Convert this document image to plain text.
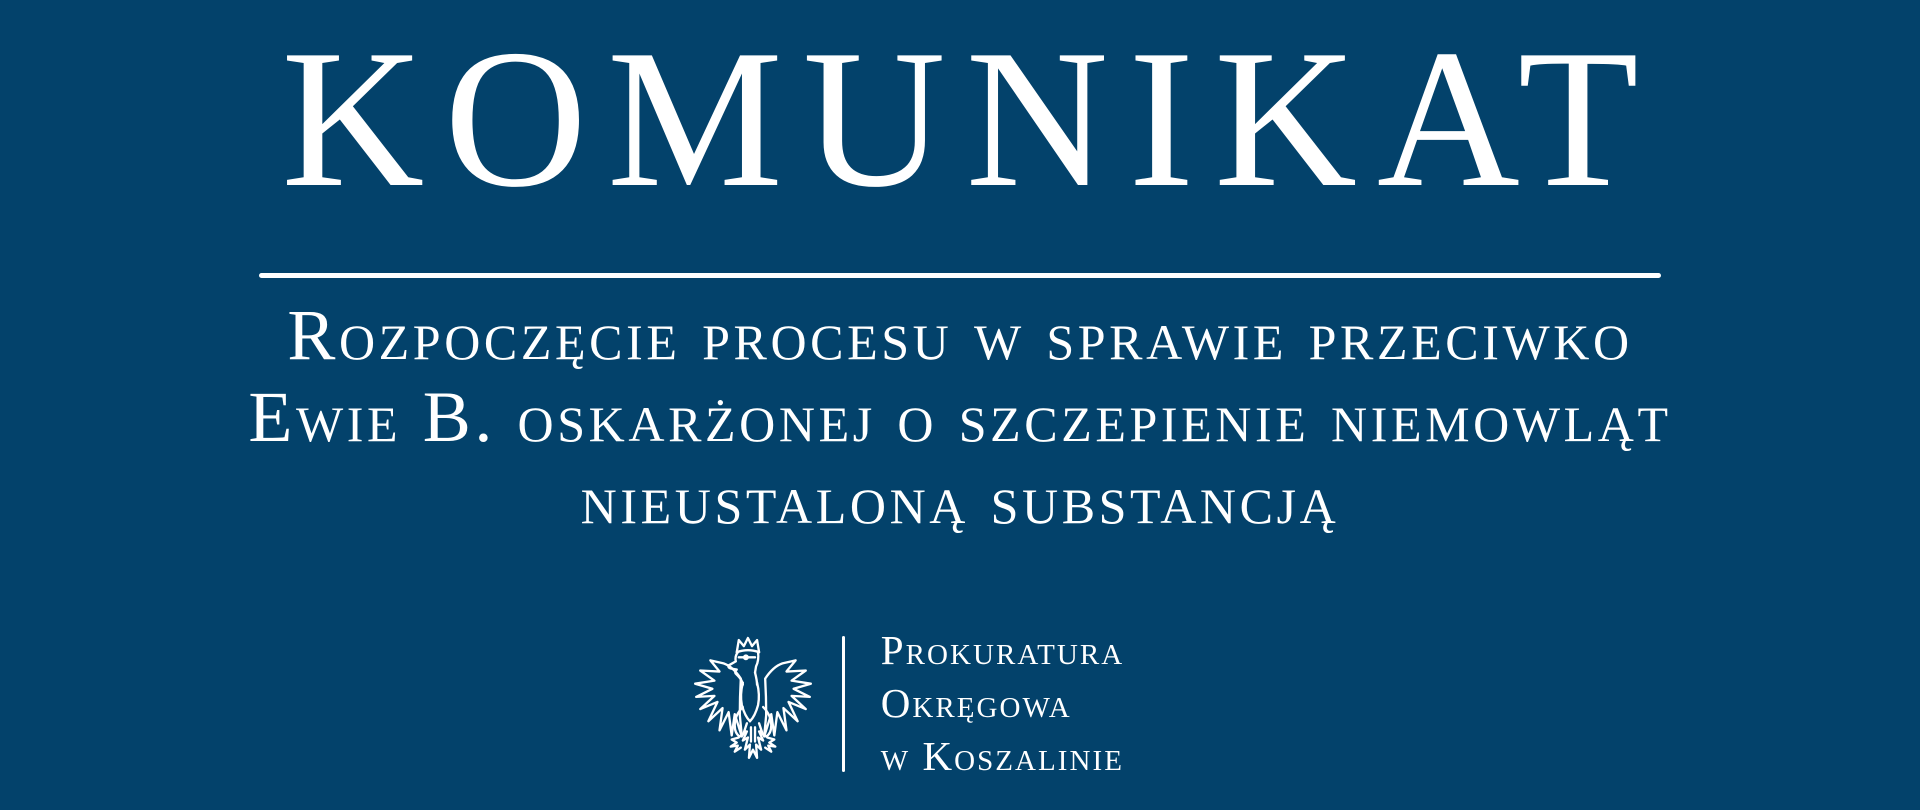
KOMUNIKAT
Rozpoczęcie procesu w sprawie przeciwko
Ewie B. oskarżonej o szczepienie niemowląt
nieustaloną substancją
Prokuratura
Okręgowa
w Koszalinie
